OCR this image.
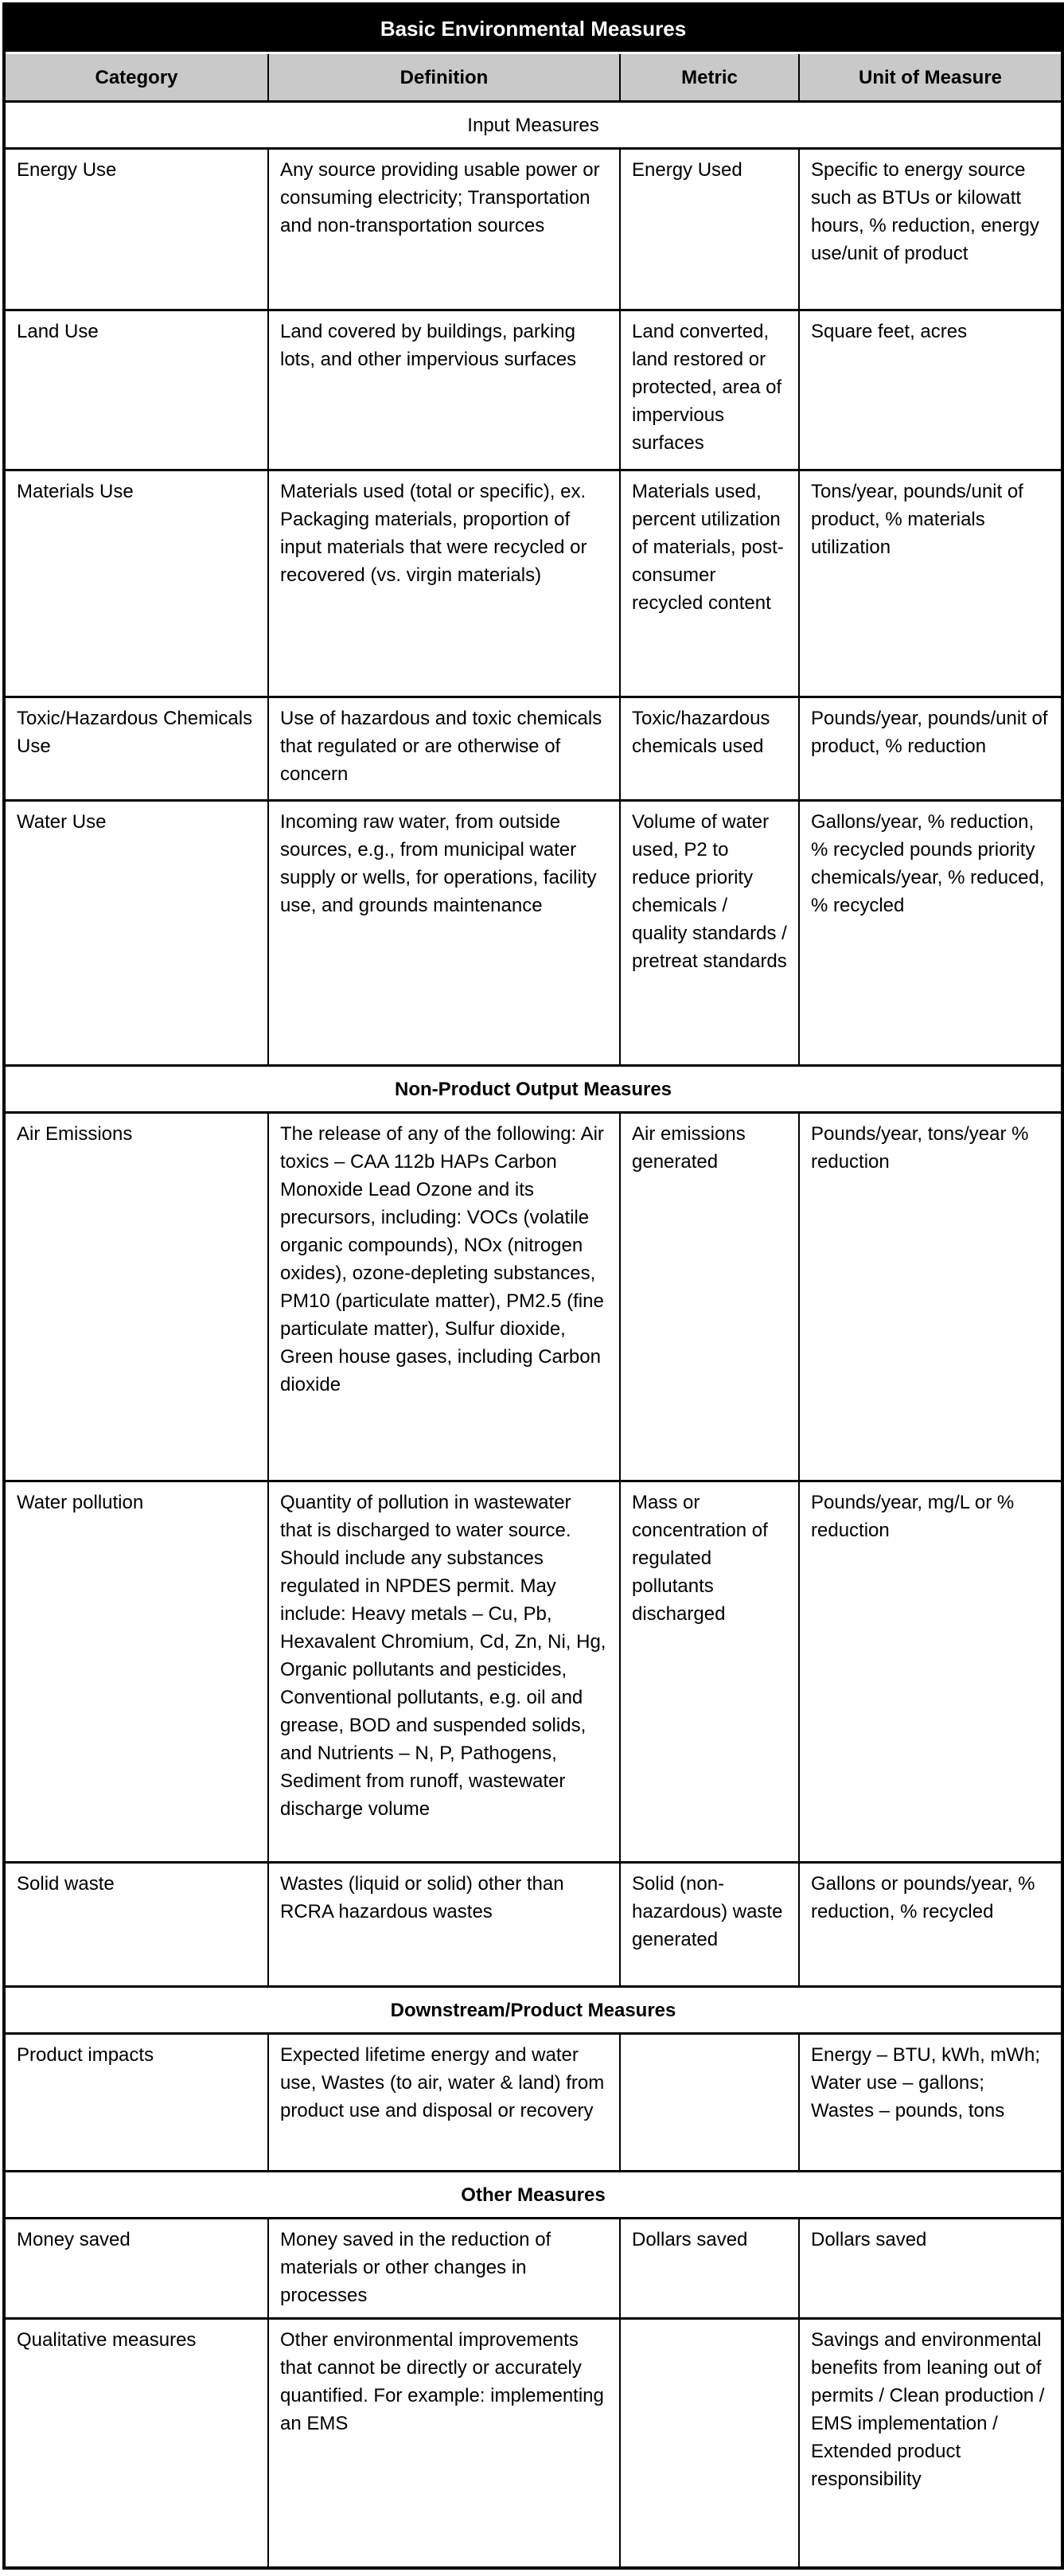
Basic Environmental Measures			
Category	Definition	Metric	Unit of Measure
Input Measures			
Energy Use	Any source providing usable power or consuming electricity; Transportation and non-transportation sources	Energy Used	Specific to energy source such as BTUs or kilowatt hours, % reduction, energy use/unit of product
Land Use	Land covered by buildings, parking lots, and other impervious surfaces	Land converted, land restored or protected, area of impervious surfaces	Square feet, acres
Materials Use	Materials used (total or specific), ex. Packaging materials, proportion of input materials that were recycled or recovered (vs. virgin materials)	Materials used, percent utilization of materials, post-consumer recycled content	Tons/year, pounds/unit of product, % materials utilization
Toxic/Hazardous Chemicals Use	Use of hazardous and toxic chemicals that regulated or are otherwise of concern	Toxic/hazardous chemicals used	Pounds/year, pounds/unit of product, % reduction
Water Use	Incoming raw water, from outside sources, e.g., from municipal water supply or wells, for operations, facility use, and grounds maintenance	Volume of water used, P2 to reduce priority chemicals / quality standards / pretreat standards	Gallons/year, % reduction, % recycled pounds priority chemicals/year, % reduced, % recycled
Non-Product Output Measures			
Air Emissions	The release of any of the following: Air toxics – CAA 112b HAPs Carbon Monoxide Lead Ozone and its precursors, including: VOCs (volatile organic compounds), NOx (nitrogen oxides), ozone-depleting substances, PM10 (particulate matter), PM2.5 (fine particulate matter), Sulfur dioxide, Green house gases, including Carbon dioxide	Air emissions generated	Pounds/year, tons/year % reduction
Water pollution	Quantity of pollution in wastewater that is discharged to water source. Should include any substances regulated in NPDES permit. May include: Heavy metals – Cu, Pb, Hexavalent Chromium, Cd, Zn, Ni, Hg, Organic pollutants and pesticides, Conventional pollutants, e.g. oil and grease, BOD and suspended solids, and Nutrients – N, P, Pathogens, Sediment from runoff, wastewater discharge volume	Mass or concentration of regulated pollutants discharged	Pounds/year, mg/L or % reduction
Solid waste	Wastes (liquid or solid) other than RCRA hazardous wastes	Solid (non-hazardous) waste generated	Gallons or pounds/year, % reduction, % recycled
Downstream/Product Measures			
Product impacts	Expected lifetime energy and water use, Wastes (to air, water & land) from product use and disposal or recovery		Energy – BTU, kWh, mWh; Water use – gallons; Wastes – pounds, tons
Other Measures			
Money saved	Money saved in the reduction of materials or other changes in processes	Dollars saved	Dollars saved
Qualitative measures	Other environmental improvements that cannot be directly or accurately quantified. For example: implementing an EMS		Savings and environmental benefits from leaning out of permits / Clean production / EMS implementation / Extended product responsibility
